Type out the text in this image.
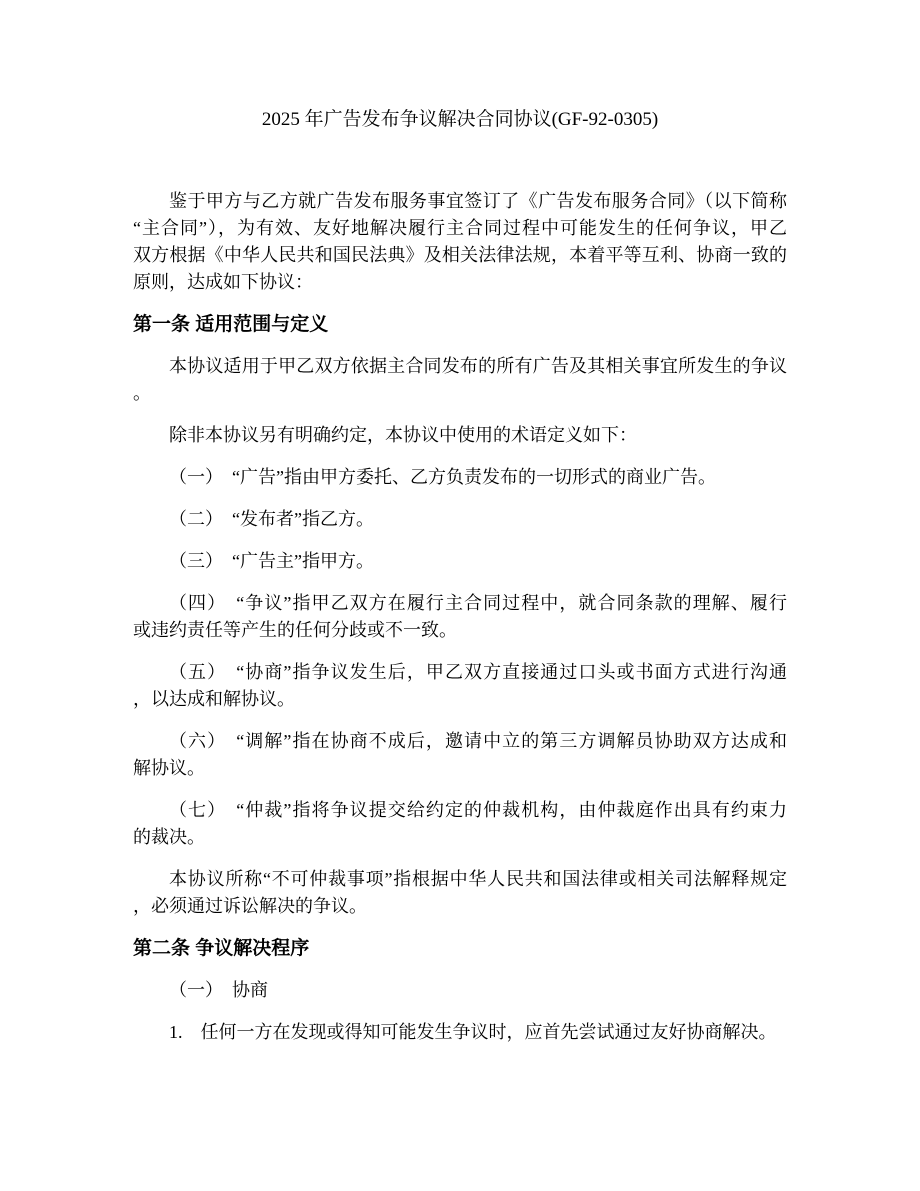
2025 年广告发布争议解决合同协议(GF-92-0305)
鉴于甲方与乙方就广告发布服务事宜签订了《广告发布服务合同》（以下简称
“主合同”），为有效、友好地解决履行主合同过程中可能发生的任何争议，甲乙
双方根据《中华人民共和国民法典》及相关法律法规，本着平等互利、协商一致的
原则，达成如下协议：
第一条 适用范围与定义
本协议适用于甲乙双方依据主合同发布的所有广告及其相关事宜所发生的争议
。
除非本协议另有明确约定，本协议中使用的术语定义如下：
（一）　“广告”指由甲方委托、乙方负责发布的一切形式的商业广告。
（二）　“发布者”指乙方。
（三）　“广告主”指甲方。
（四）　“争议”指甲乙双方在履行主合同过程中，就合同条款的理解、履行
或违约责任等产生的任何分歧或不一致。
（五）　“协商”指争议发生后，甲乙双方直接通过口头或书面方式进行沟通
，以达成和解协议。
（六）　“调解”指在协商不成后，邀请中立的第三方调解员协助双方达成和
解协议。
（七）　“仲裁”指将争议提交给约定的仲裁机构，由仲裁庭作出具有约束力
的裁决。
本协议所称“不可仲裁事项”指根据中华人民共和国法律或相关司法解释规定
，必须通过诉讼解决的争议。
第二条 争议解决程序
（一）　协商
1.　任何一方在发现或得知可能发生争议时，应首先尝试通过友好协商解决。
